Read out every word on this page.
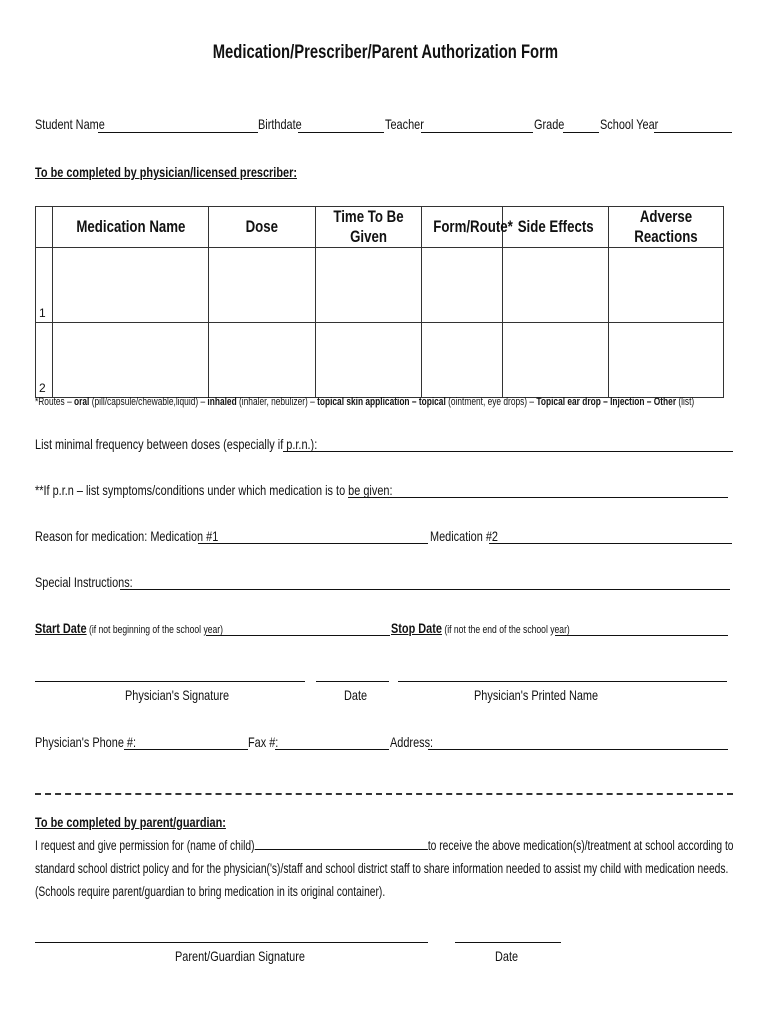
Medication/Prescriber/Parent Authorization Form
Student Name	Birthdate	Teacher	Grade	School Year
To be completed by physician/licensed prescriber:
	Medication Name	Dose	Time To Be Given	Form/Route*	Side Effects	Adverse Reactions

1						

2						

*Routes – oral (pill/capsule/chewable,liquid) – inhaled (inhaler, nebulizer) – topical skin application – topical (ointment, eye drops) – Topical ear drop – Injection – Other (list)
List minimal frequency between doses (especially if p.r.n.):
**If p.r.n – list symptoms/conditions under which medication is to be given:
Reason for medication: Medication #1	Medication #2
Special Instructions:
Start Date (if not beginning of the school year)	Stop Date (if not the end of the school year)
Physician's Signature	Date	Physician's Printed Name
Physician's Phone #:	Fax #:	Address:
To be completed by parent/guardian:
I request and give permission for (name of child)	to receive the above medication(s)/treatment at school according to
standard school district policy and for the physician('s)/staff and school district staff to share information needed to assist my child with medication needs.
(Schools require parent/guardian to bring medication in its original container).
Parent/Guardian Signature	Date
